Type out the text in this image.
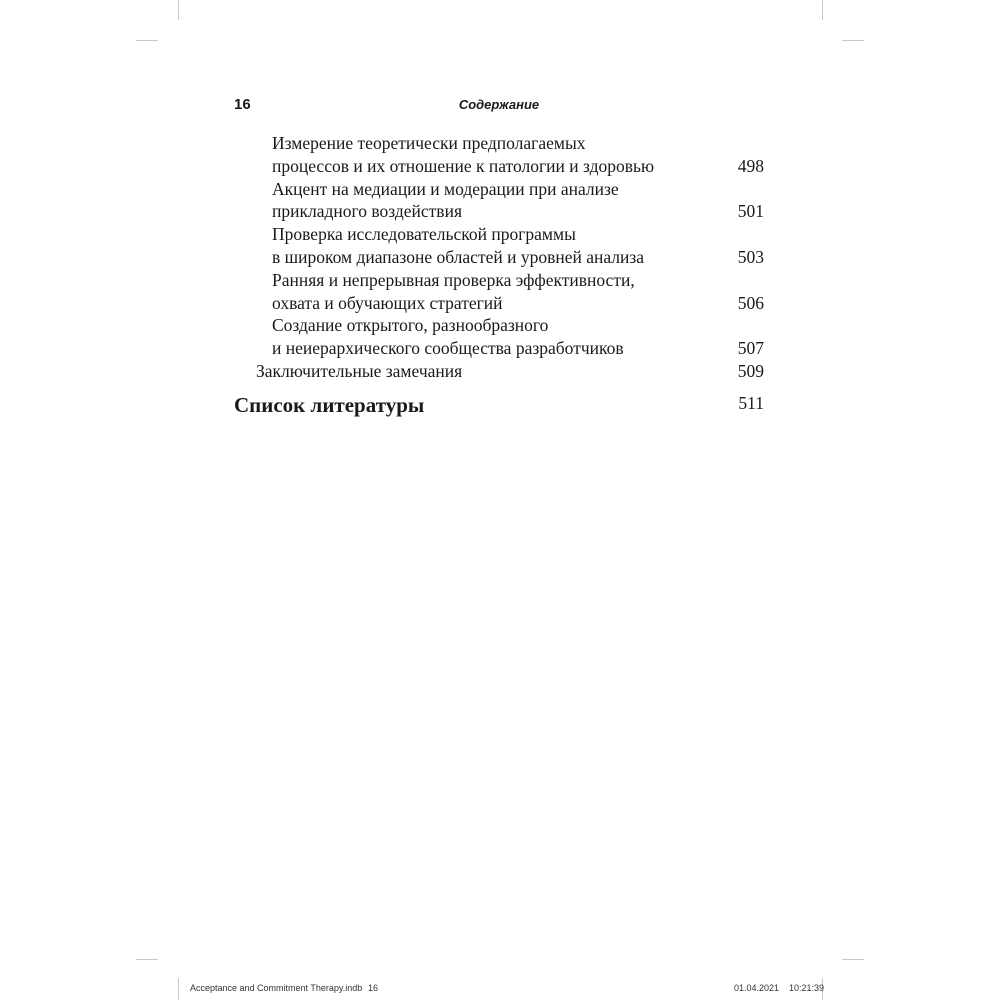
16	Содержание
Измерение теоретически предполагаемых
процессов и их отношение к патологии и здоровью	498
Акцент на медиации и модерации при анализе
прикладного воздействия	501
Проверка исследовательской программы
в широком диапазоне областей и уровней анализа	503
Ранняя и непрерывная проверка эффективности,
охвата и обучающих стратегий	506
Создание открытого, разнообразного
и неиерархического сообщества разработчиков	507
Заключительные замечания	509
Список литературы	511
Acceptance and Commitment Therapy.indb 16	01.04.2021 10:21:39
